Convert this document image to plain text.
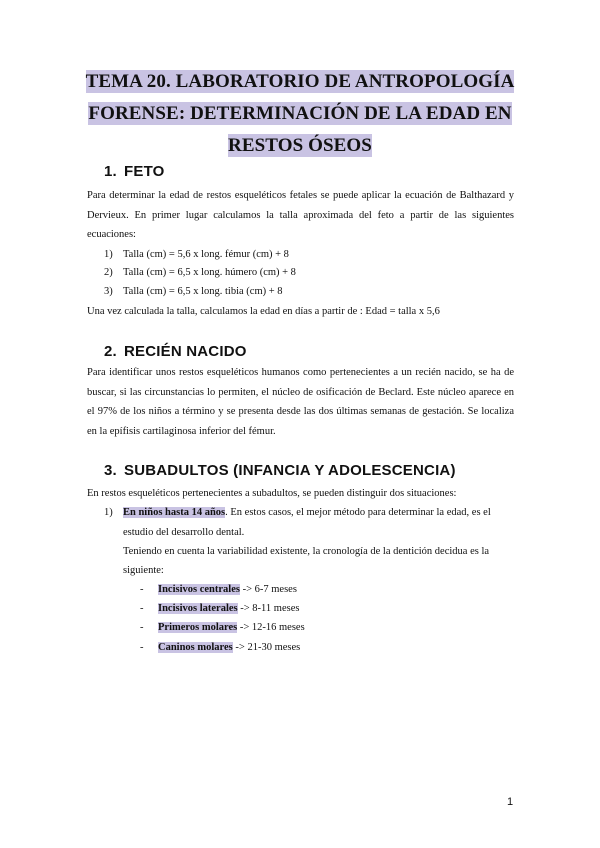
TEMA 20. LABORATORIO DE ANTROPOLOGÍA
FORENSE: DETERMINACIÓN DE LA EDAD EN
RESTOS ÓSEOS
1. FETO
Para determinar la edad de restos esqueléticos fetales se puede aplicar la ecuación de Balthazard y Dervieux. En primer lugar calculamos la talla aproximada del feto a partir de las siguientes ecuaciones:
1) Talla (cm) = 5,6 x long. fémur (cm) + 8
2) Talla (cm) = 6,5 x long. húmero (cm) + 8
3) Talla (cm) = 6,5 x long. tibia (cm) + 8
Una vez calculada la talla, calculamos la edad en días a partir de : Edad = talla x 5,6
2. RECIÉN NACIDO
Para identificar unos restos esqueléticos humanos como pertenecientes a un recién nacido, se ha de buscar, si las circunstancias lo permiten, el núcleo de osificación de Beclard. Este núcleo aparece en el 97% de los niños a término y se presenta desde las dos últimas semanas de gestación. Se localiza en la epífisis cartilaginosa inferior del fémur.
3. SUBADULTOS (INFANCIA Y ADOLESCENCIA)
En restos esqueléticos pertenecientes a subadultos, se pueden distinguir dos situaciones:
1) En niños hasta 14 años. En estos casos, el mejor método para determinar la edad, es el
estudio del desarrollo dental.
Teniendo en cuenta la variabilidad existente, la cronología de la dentición decidua es la
siguiente:
- Incisivos centrales -> 6-7 meses
- Incisivos laterales -> 8-11 meses
- Primeros molares -> 12-16 meses
- Caninos molares -> 21-30 meses
1
